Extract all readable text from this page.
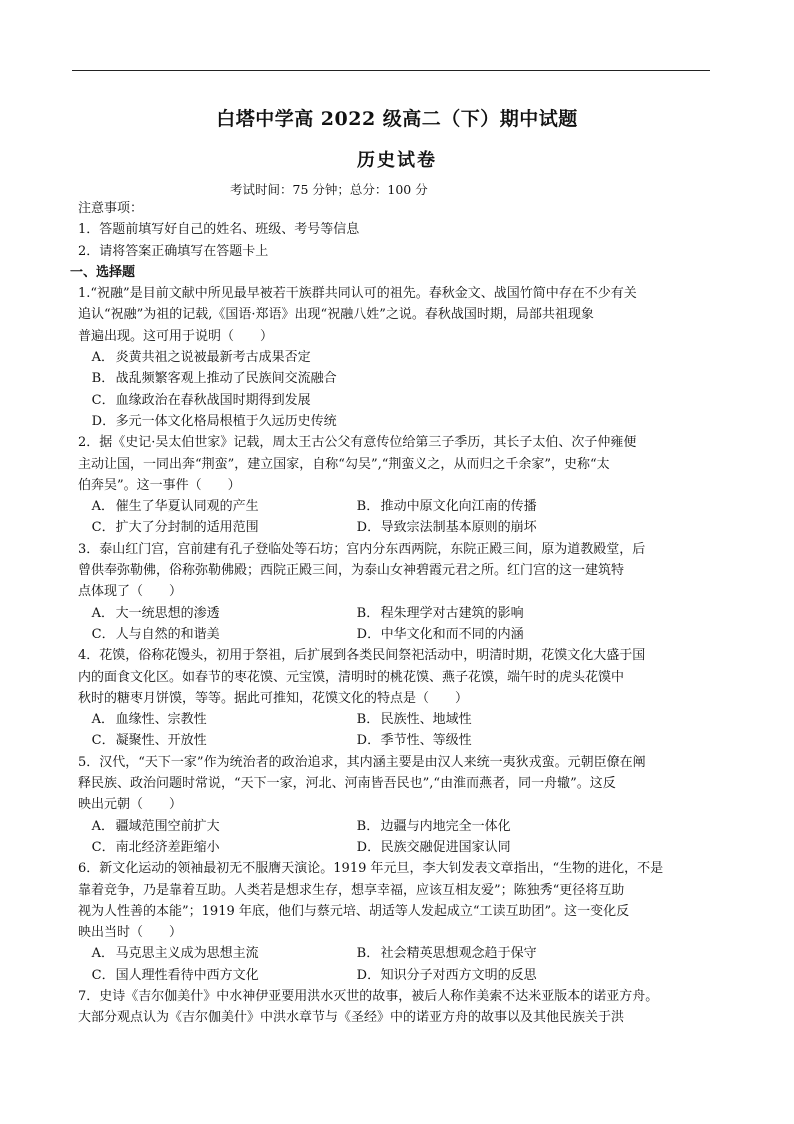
白塔中学高 2022 级高二（下）期中试题
历史试卷
考试时间：75 分钟；总分：100 分
注意事项：
1．答题前填写好自己的姓名、班级、考号等信息
2．请将答案正确填写在答题卡上
一、选择题
1.“祝融”是目前文献中所见最早被若干族群共同认可的祖先。春秋金文、战国竹简中存在不少有关
追认“祝融”为祖的记载,《国语·郑语》出现“祝融八姓”之说。春秋战国时期，局部共祖现象
普遍出现。这可用于说明（　　）
A． 炎黄共祖之说被最新考古成果否定
B．战乱频繁客观上推动了民族间交流融合
C．血缘政治在春秋战国时期得到发展
D．多元一体文化格局根植于久远历史传统
2．据《史记·吴太伯世家》记载，周太王古公父有意传位给第三子季历，其长子太伯、次子仲雍便
主动让国，一同出奔“荆蛮”，建立国家，自称“勾吴”,“荆蛮义之，从而归之千余家”，史称“太
伯奔吴”。这一事件（　　）
A． 催生了华夏认同观的产生	B．推动中原文化向江南的传播
C．扩大了分封制的适用范围	D．导致宗法制基本原则的崩坏
3．泰山红门宫，宫前建有孔子登临处等石坊；宫内分东西两院，东院正殿三间，原为道教殿堂，后
曾供奉弥勒佛，俗称弥勒佛殿；西院正殿三间，为泰山女神碧霞元君之所。红门宫的这一建筑特
点体现了（　　）
A． 大一统思想的渗透	B．程朱理学对古建筑的影响
C．人与自然的和谐美	D．中华文化和而不同的内涵
4．花馍，俗称花馒头，初用于祭祖，后扩展到各类民间祭祀活动中，明清时期，花馍文化大盛于国
内的面食文化区。如春节的枣花馍、元宝馍，清明时的桃花馍、燕子花馍，端午时的虎头花馍中
秋时的糖枣月饼馍，等等。据此可推知，花馍文化的特点是（　　）
A． 血缘性、宗教性	B．民族性、地域性
C．凝聚性、开放性	D．季节性、等级性
5．汉代，“天下一家”作为统治者的政治追求，其内涵主要是由汉人来统一夷狄戎蛮。元朝臣僚在阐
释民族、政治问题时常说，“天下一家，河北、河南皆吾民也”,“由淮而燕者，同一舟辙”。这反
映出元朝（　　）
A． 疆域范围空前扩大	B．边疆与内地完全一体化
C．南北经济差距缩小	D．民族交融促进国家认同
6．新文化运动的领袖最初无不服膺天演论。1919 年元旦，李大钊发表文章指出，“生物的进化，不是
靠着竞争，乃是靠着互助。人类若是想求生存，想享幸福，应该互相友爱”；陈独秀“更径将互助
视为人性善的本能”；1919 年底，他们与蔡元培、胡适等人发起成立“工读互助团”。这一变化反
映出当时（　　）
A． 马克思主义成为思想主流	B．社会精英思想观念趋于保守
C．国人理性看待中西方文化	D．知识分子对西方文明的反思
7．史诗《吉尔伽美什》中水神伊亚要用洪水灭世的故事，被后人称作美索不达米亚版本的诺亚方舟。
大部分观点认为《吉尔伽美什》中洪水章节与《圣经》中的诺亚方舟的故事以及其他民族关于洪
